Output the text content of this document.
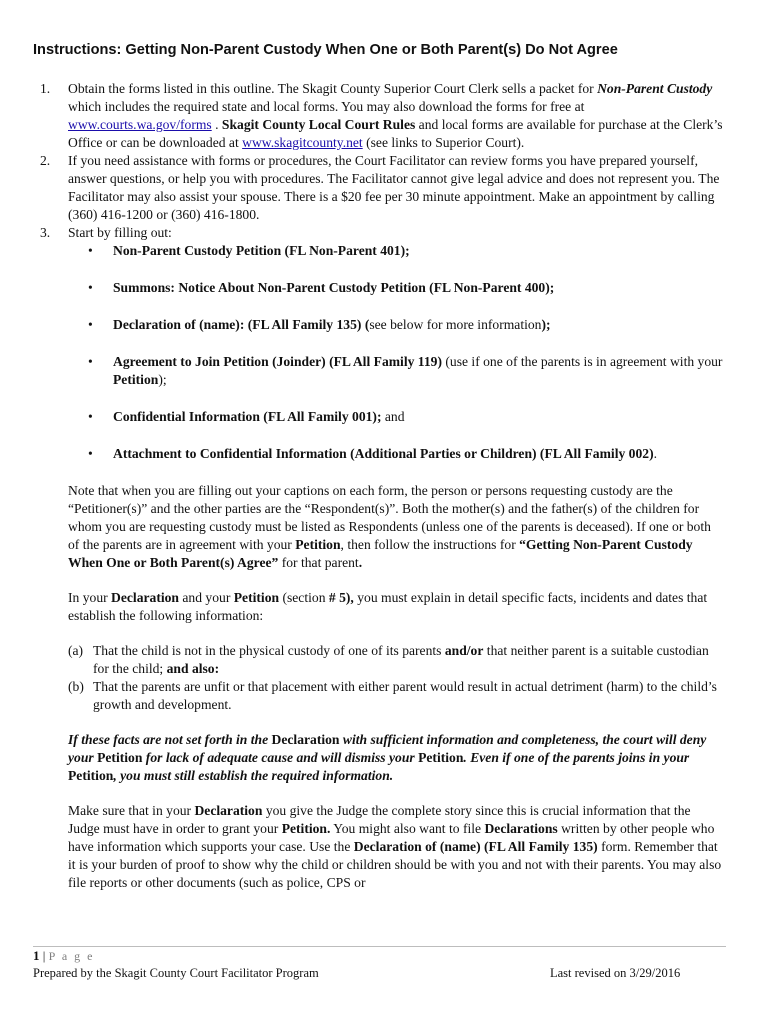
Instructions: Getting Non-Parent Custody When One or Both Parent(s) Do Not Agree

1. Obtain the forms listed in this outline. The Skagit County Superior Court Clerk sells a packet for Non-Parent Custody which includes the required state and local forms. You may also download the forms for free at www.courts.wa.gov/forms . Skagit County Local Court Rules and local forms are available for purchase at the Clerk’s Office or can be downloaded at www.skagitcounty.net (see links to Superior Court).

2. If you need assistance with forms or procedures, the Court Facilitator can review forms you have prepared yourself, answer questions, or help you with procedures. The Facilitator cannot give legal advice and does not represent you. The Facilitator may also assist your spouse. There is a $20 fee per 30 minute appointment. Make an appointment by calling (360) 416-1200 or (360) 416-1800.

3. Start by filling out:

• Non-Parent Custody Petition (FL Non-Parent 401);
• Summons: Notice About Non-Parent Custody Petition (FL Non-Parent 400);
• Declaration of (name): (FL All Family 135) (see below for more information);
• Agreement to Join Petition (Joinder) (FL All Family 119) (use if one of the parents is in agreement with your Petition);
• Confidential Information (FL All Family 001); and
• Attachment to Confidential Information (Additional Parties or Children) (FL All Family 002).

Note that when you are filling out your captions on each form, the person or persons requesting custody are the “Petitioner(s)” and the other parties are the “Respondent(s)”. Both the mother(s) and the father(s) of the children for whom you are requesting custody must be listed as Respondents (unless one of the parents is deceased). If one or both of the parents are in agreement with your Petition, then follow the instructions for “Getting Non-Parent Custody When One or Both Parent(s) Agree” for that parent.

In your Declaration and your Petition (section # 5), you must explain in detail specific facts, incidents and dates that establish the following information:

(a) That the child is not in the physical custody of one of its parents and/or that neither parent is a suitable custodian for the child; and also:

(b) That the parents are unfit or that placement with either parent would result in actual detriment (harm) to the child’s growth and development.

If these facts are not set forth in the Declaration with sufficient information and completeness, the court will deny your Petition for lack of adequate cause and will dismiss your Petition. Even if one of the parents joins in your Petition, you must still establish the required information.

Make sure that in your Declaration you give the Judge the complete story since this is crucial information that the Judge must have in order to grant your Petition. You might also want to file Declarations written by other people who have information which supports your case. Use the Declaration of (name) (FL All Family 135) form. Remember that it is your burden of proof to show why the child or children should be with you and not with their parents. You may also file reports or other documents (such as police, CPS or

1 | P a g e
Prepared by the Skagit County Court Facilitator Program	Last revised on 3/29/2016
